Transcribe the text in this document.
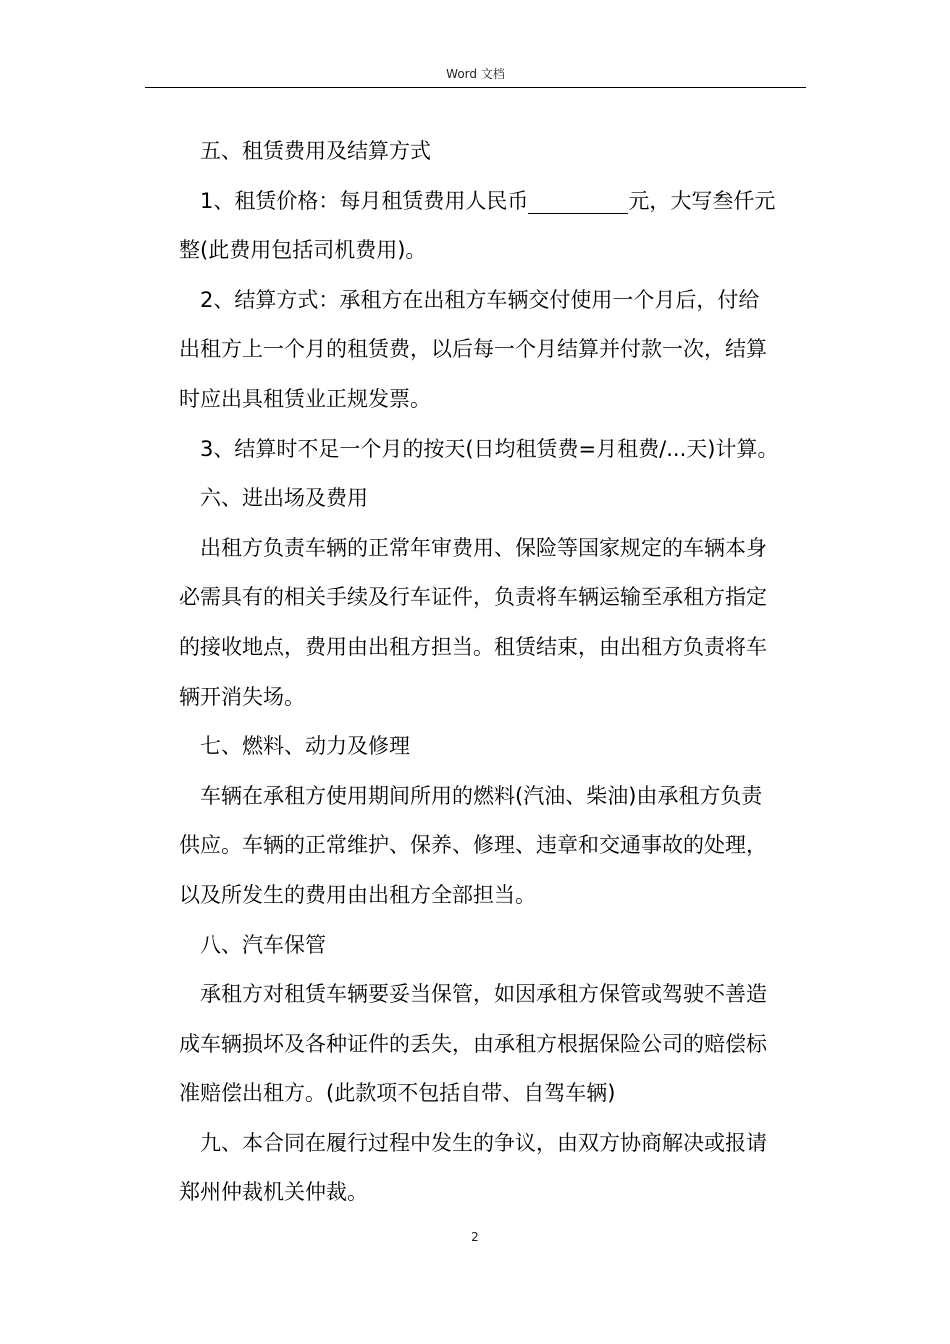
Word 文档

五、租赁费用及结算方式

1、租赁价格：每月租赁费用人民币	元，大写叁仟元

整(此费用包括司机费用)。

2、结算方式：承租方在出租方车辆交付使用一个月后，付给

出租方上一个月的租赁费，以后每一个月结算并付款一次，结算

时应出具租赁业正规发票。

3、结算时不足一个月的按天(日均租赁费=月租费/...天)计算。

六、进出场及费用

出租方负责车辆的正常年审费用、保险等国家规定的车辆本身

必需具有的相关手续及行车证件，负责将车辆运输至承租方指定

的接收地点，费用由出租方担当。租赁结束，由出租方负责将车

辆开消失场。

七、燃料、动力及修理

车辆在承租方使用期间所用的燃料(汽油、柴油)由承租方负责

供应。车辆的正常维护、保养、修理、违章和交通事故的处理，

以及所发生的费用由出租方全部担当。

八、汽车保管

承租方对租赁车辆要妥当保管，如因承租方保管或驾驶不善造

成车辆损坏及各种证件的丢失，由承租方根据保险公司的赔偿标

准赔偿出租方。(此款项不包括自带、自驾车辆)

九、本合同在履行过程中发生的争议，由双方协商解决或报请

郑州仲裁机关仲裁。

2
